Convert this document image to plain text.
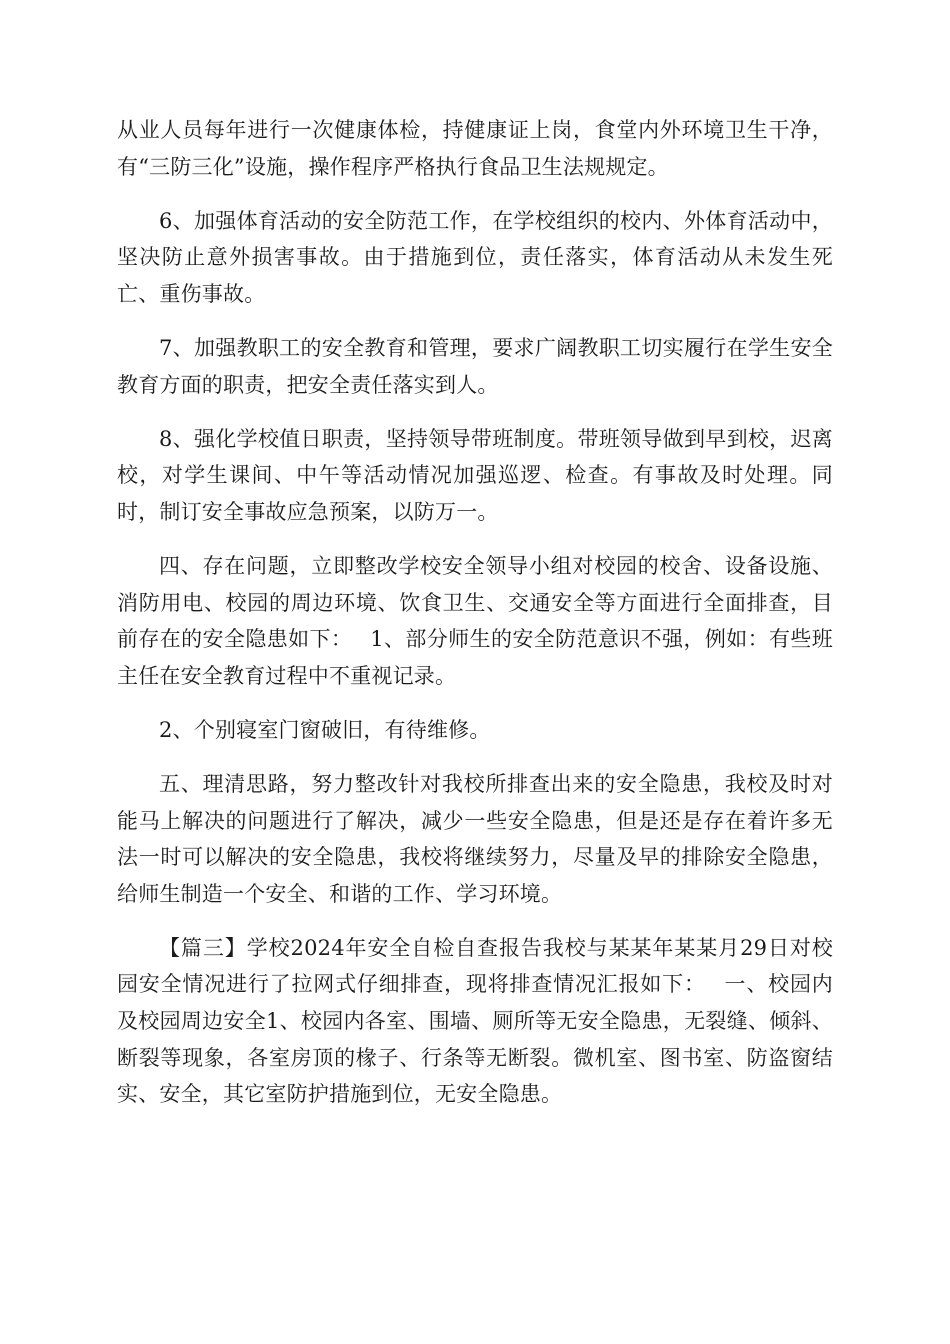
从业人员每年进行一次健康体检，持健康证上岗，食堂内外环境卫生干净，有“三防三化”设施，操作程序严格执行食品卫生法规规定。

6、加强体育活动的安全防范工作，在学校组织的校内、外体育活动中，坚决防止意外损害事故。由于措施到位，责任落实，体育活动从未发生死亡、重伤事故。

7、加强教职工的安全教育和管理，要求广阔教职工切实履行在学生安全教育方面的职责，把安全责任落实到人。

8、强化学校值日职责，坚持领导带班制度。带班领导做到早到校，迟离校，对学生课间、中午等活动情况加强巡逻、检查。有事故及时处理。同时，制订安全事故应急预案，以防万一。

四、存在问题，立即整改学校安全领导小组对校园的校舍、设备设施、消防用电、校园的周边环境、饮食卫生、交通安全等方面进行全面排查，目前存在的安全隐患如下：　 1、部分师生的安全防范意识不强，例如：有些班主任在安全教育过程中不重视记录。

2、个别寝室门窗破旧，有待维修。

五、理清思路，努力整改针对我校所排查出来的安全隐患，我校及时对能马上解决的问题进行了解决，减少一些安全隐患，但是还是存在着许多无法一时可以解决的安全隐患，我校将继续努力，尽量及早的排除安全隐患，给师生制造一个安全、和谐的工作、学习环境。

【篇三】学校2024年安全自检自查报告我校与某某年某某月29日对校园安全情况进行了拉网式仔细排查，现将排查情况汇报如下：　 一、校园内及校园周边安全1、校园内各室、围墙、厕所等无安全隐患，无裂缝、倾斜、断裂等现象，各室房顶的椽子、行条等无断裂。微机室、图书室、防盗窗结实、安全，其它室防护措施到位，无安全隐患。
